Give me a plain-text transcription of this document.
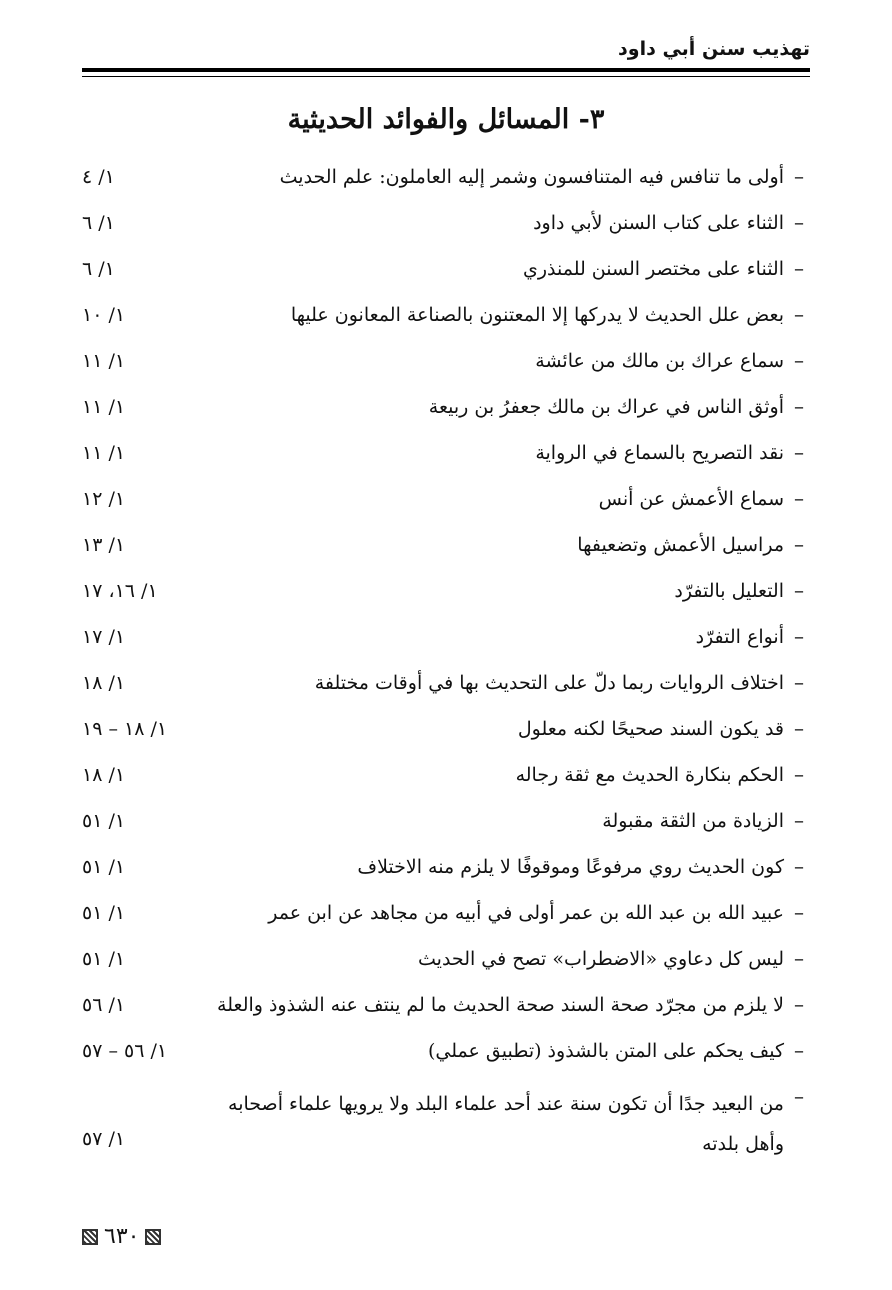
تهذيب سنن أبي داود
٣- المسائل والفوائد الحديثية
–
أولى ما تنافس فيه المتنافسون وشمر إليه العاملون: علم الحديث
١/ ٤
–
الثناء على كتاب السنن لأبي داود
١/ ٦
–
الثناء على مختصر السنن للمنذري
١/ ٦
–
بعض علل الحديث لا يدركها إلا المعتنون بالصناعة المعانون عليها
١/ ١٠
–
سماع عراك بن مالك من عائشة
١/ ١١
–
أوثق الناس في عراك بن مالك جعفرُ بن ربيعة
١/ ١١
–
نقد التصريح بالسماع في الرواية
١/ ١١
–
سماع الأعمش عن أنس
١/ ١٢
–
مراسيل الأعمش وتضعيفها
١/ ١٣
–
التعليل بالتفرّد
١/ ١٦، ١٧
–
أنواع التفرّد
١/ ١٧
–
اختلاف الروايات ربما دلّ على التحديث بها في أوقات مختلفة
١/ ١٨
–
قد يكون السند صحيحًا لكنه معلول
١/ ١٨ – ١٩
–
الحكم بنكارة الحديث مع ثقة رجاله
١/ ١٨
–
الزيادة من الثقة مقبولة
١/ ٥١
–
كون الحديث روي مرفوعًا وموقوفًا لا يلزم منه الاختلاف
١/ ٥١
–
عبيد الله بن عبد الله بن عمر أولى في أبيه من مجاهد عن ابن عمر
١/ ٥١
–
ليس كل دعاوي «الاضطراب» تصح في الحديث
١/ ٥١
–
لا يلزم من مجرّد صحة السند صحة الحديث ما لم ينتف عنه الشذوذ والعلة
١/ ٥٦
–
كيف يحكم على المتن بالشذوذ (تطبيق عملي)
١/ ٥٦ – ٥٧
–
من البعيد جدًا أن تكون سنة عند أحد علماء البلد ولا يرويها علماء أصحابه وأهل بلدته
١/ ٥٧
٦٣٠
